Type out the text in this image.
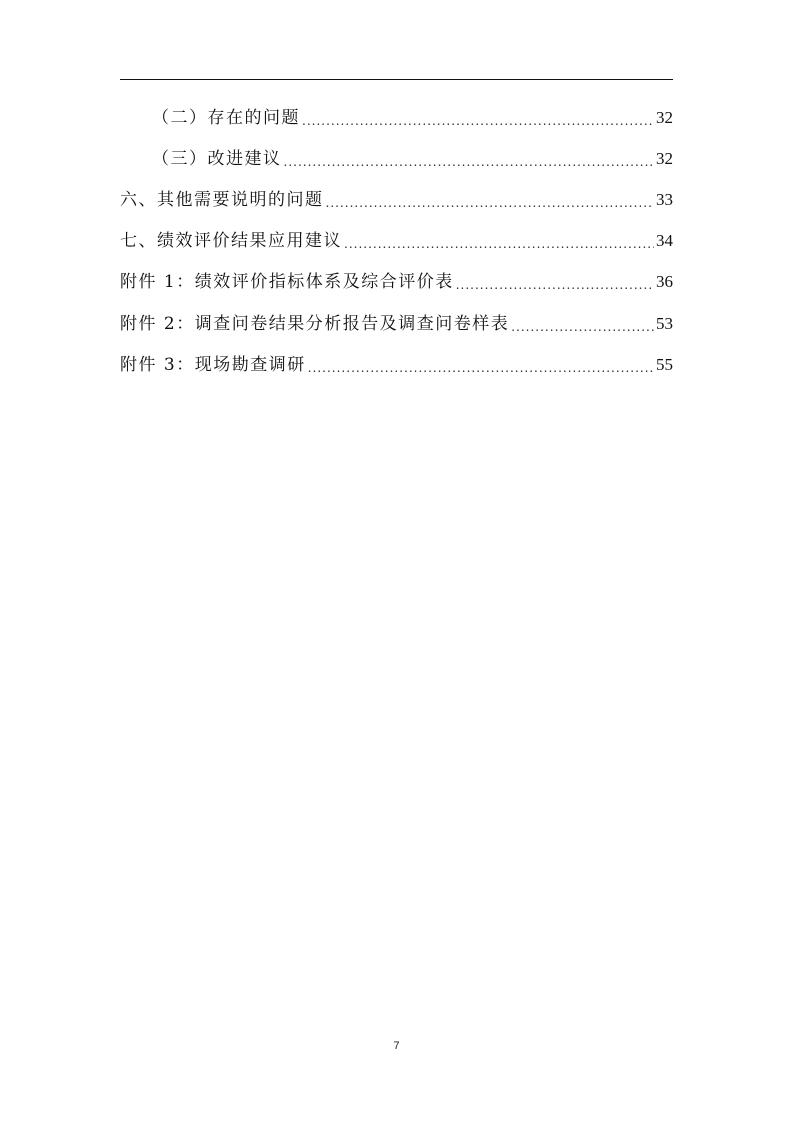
（二）存在的问题 .....	32
（三）改进建议 .....	32
六、其他需要说明的问题 .....	33
七、绩效评价结果应用建议 .....	34
附件 1：绩效评价指标体系及综合评价表 .....	36
附件 2：调查问卷结果分析报告及调查问卷样表 .....	53
附件 3：现场勘查调研 .....	55
7
